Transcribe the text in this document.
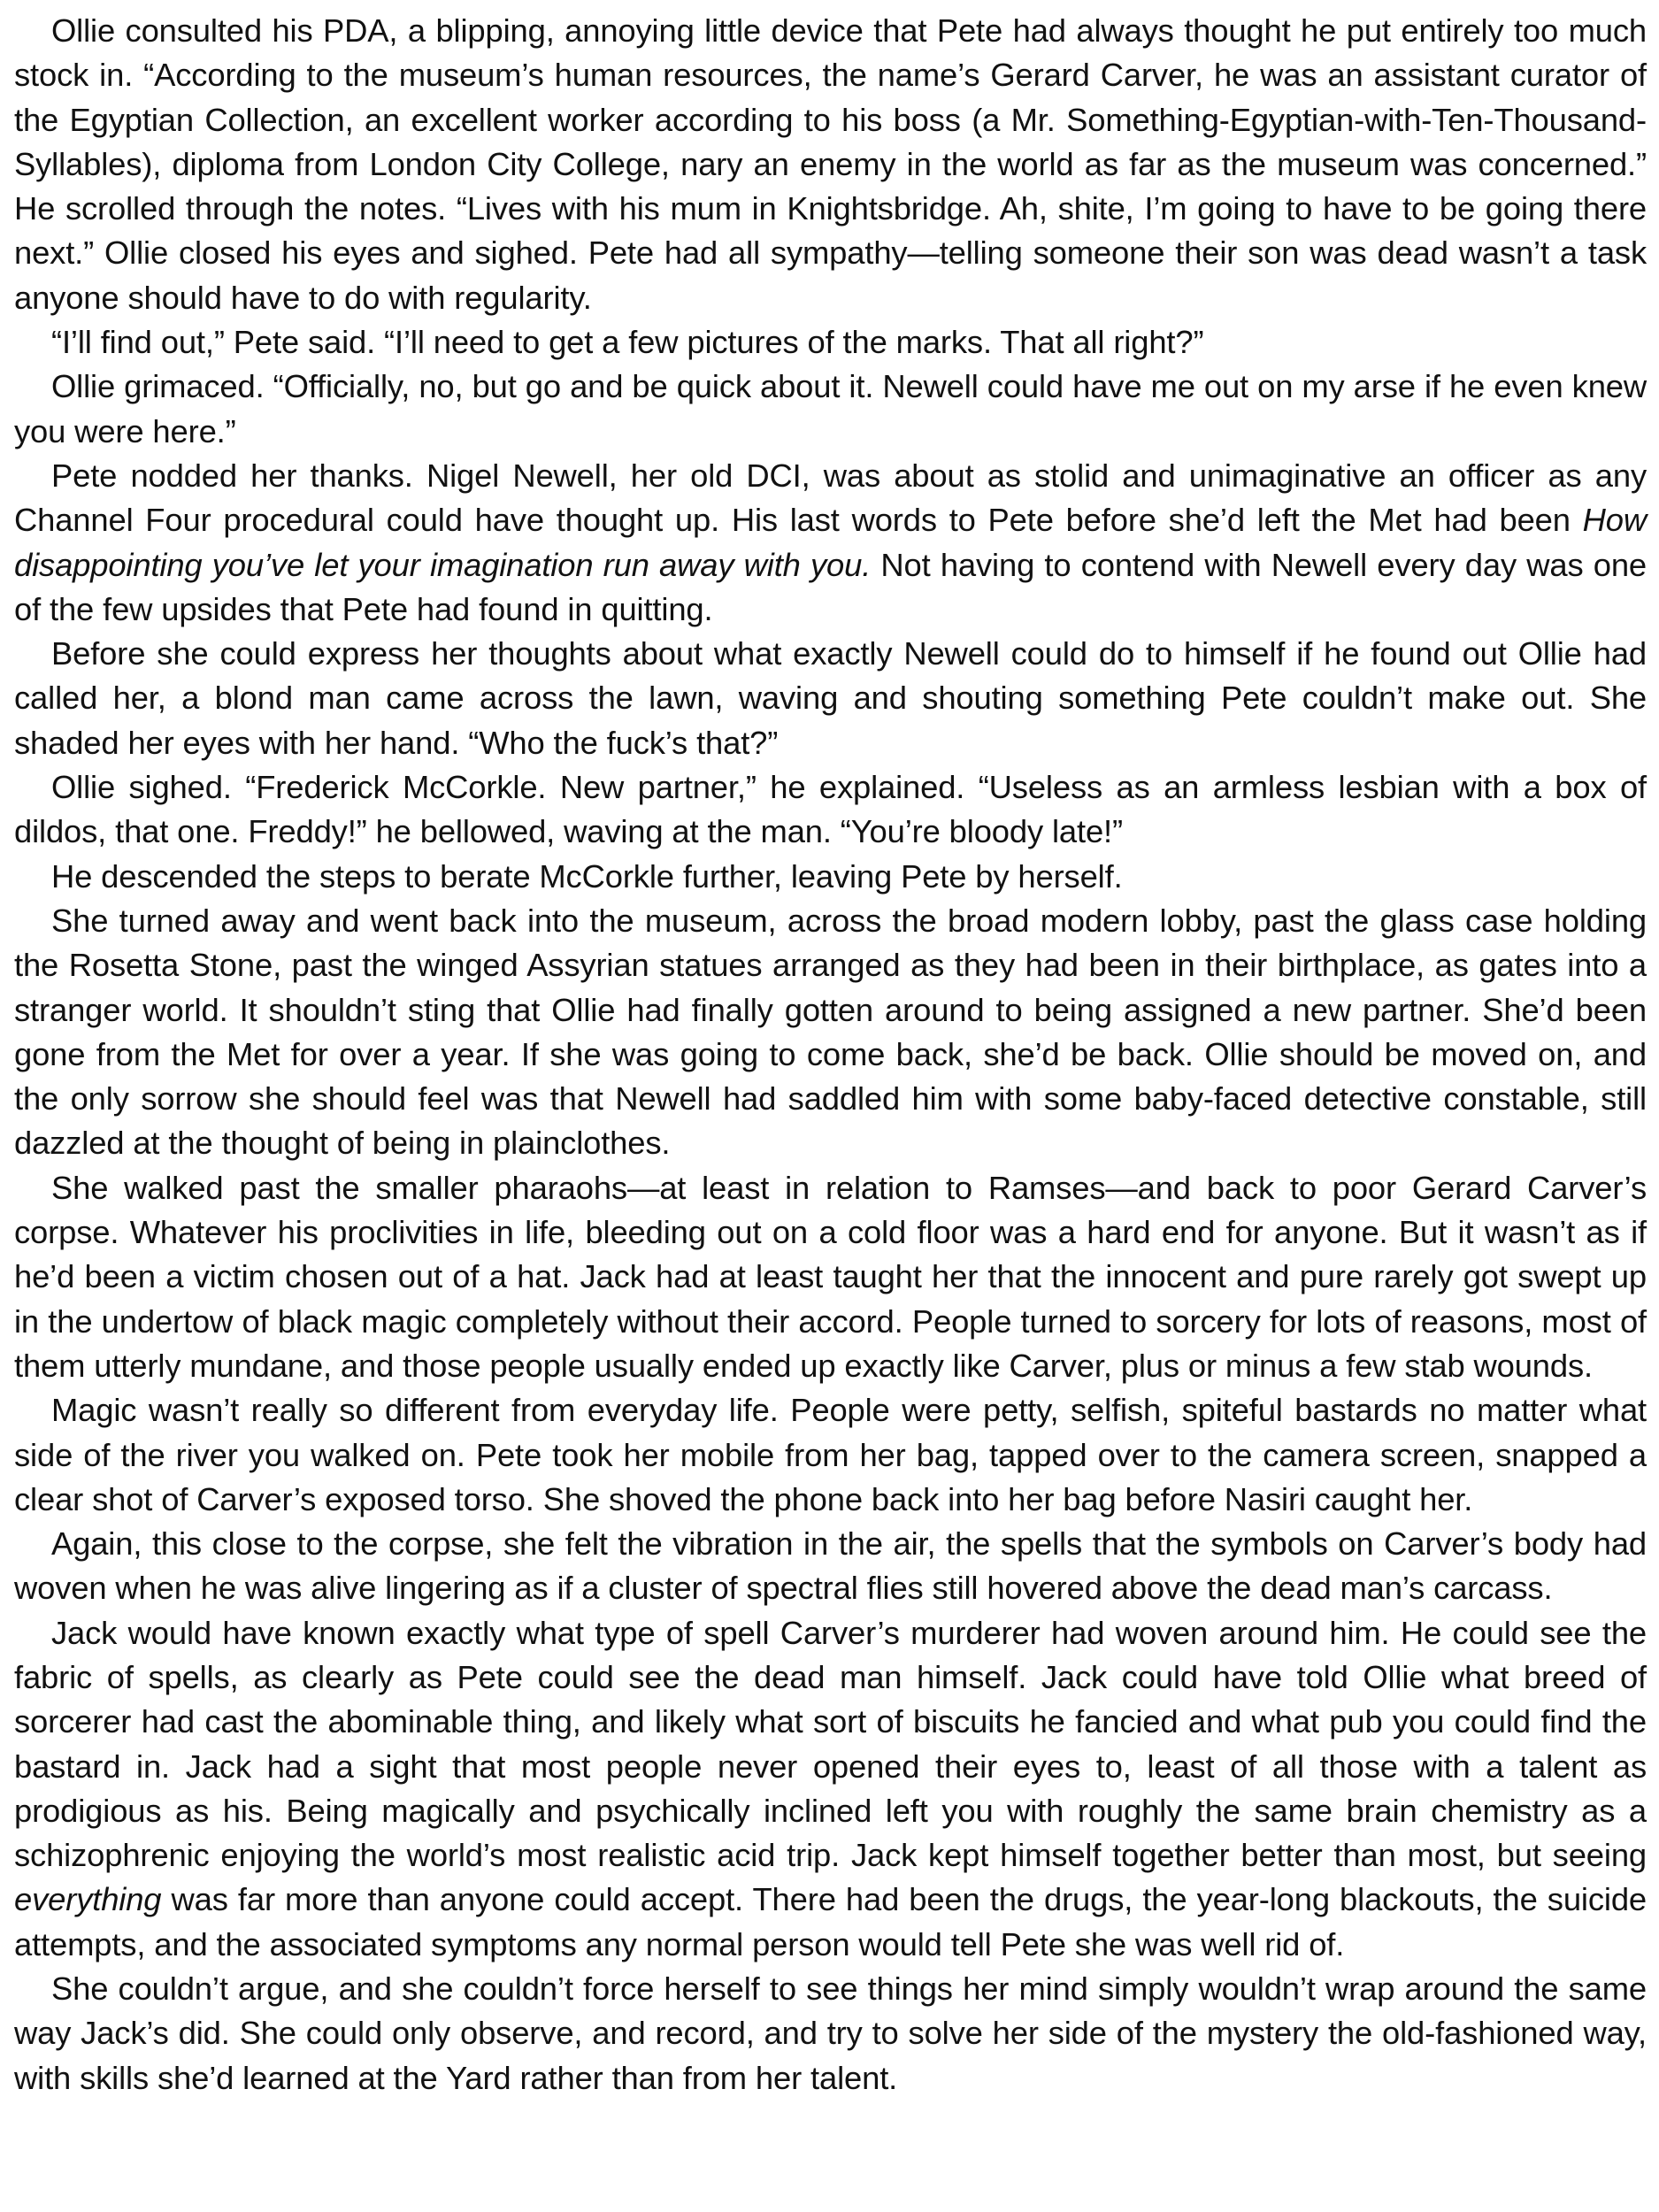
Ollie consulted his PDA, a blipping, annoying little device that Pete had always thought he put entirely too much stock in. “According to the museum’s human resources, the name’s Gerard Carver, he was an assistant curator of the Egyptian Collection, an excellent worker according to his boss (a Mr. Something-Egyptian-with-Ten-Thousand-Syllables), diploma from London City College, nary an enemy in the world as far as the museum was concerned.” He scrolled through the notes. “Lives with his mum in Knightsbridge. Ah, shite, I’m going to have to be going there next.” Ollie closed his eyes and sighed. Pete had all sympathy—telling someone their son was dead wasn’t a task anyone should have to do with regularity.

“I’ll find out,” Pete said. “I’ll need to get a few pictures of the marks. That all right?”

Ollie grimaced. “Officially, no, but go and be quick about it. Newell could have me out on my arse if he even knew you were here.”

Pete nodded her thanks. Nigel Newell, her old DCI, was about as stolid and unimaginative an officer as any Channel Four procedural could have thought up. His last words to Pete before she’d left the Met had been How disappointing you’ve let your imagination run away with you. Not having to contend with Newell every day was one of the few upsides that Pete had found in quitting.

Before she could express her thoughts about what exactly Newell could do to himself if he found out Ollie had called her, a blond man came across the lawn, waving and shouting something Pete couldn’t make out. She shaded her eyes with her hand. “Who the fuck’s that?”

Ollie sighed. “Frederick McCorkle. New partner,” he explained. “Useless as an armless lesbian with a box of dildos, that one. Freddy!” he bellowed, waving at the man. “You’re bloody late!”

He descended the steps to berate McCorkle further, leaving Pete by herself.

She turned away and went back into the museum, across the broad modern lobby, past the glass case holding the Rosetta Stone, past the winged Assyrian statues arranged as they had been in their birthplace, as gates into a stranger world. It shouldn’t sting that Ollie had finally gotten around to being assigned a new partner. She’d been gone from the Met for over a year. If she was going to come back, she’d be back. Ollie should be moved on, and the only sorrow she should feel was that Newell had saddled him with some baby-faced detective constable, still dazzled at the thought of being in plainclothes.

She walked past the smaller pharaohs—at least in relation to Ramses—and back to poor Gerard Carver’s corpse. Whatever his proclivities in life, bleeding out on a cold floor was a hard end for anyone. But it wasn’t as if he’d been a victim chosen out of a hat. Jack had at least taught her that the innocent and pure rarely got swept up in the undertow of black magic completely without their accord. People turned to sorcery for lots of reasons, most of them utterly mundane, and those people usually ended up exactly like Carver, plus or minus a few stab wounds.

Magic wasn’t really so different from everyday life. People were petty, selfish, spiteful bastards no matter what side of the river you walked on. Pete took her mobile from her bag, tapped over to the camera screen, snapped a clear shot of Carver’s exposed torso. She shoved the phone back into her bag before Nasiri caught her.

Again, this close to the corpse, she felt the vibration in the air, the spells that the symbols on Carver’s body had woven when he was alive lingering as if a cluster of spectral flies still hovered above the dead man’s carcass.

Jack would have known exactly what type of spell Carver’s murderer had woven around him. He could see the fabric of spells, as clearly as Pete could see the dead man himself. Jack could have told Ollie what breed of sorcerer had cast the abominable thing, and likely what sort of biscuits he fancied and what pub you could find the bastard in. Jack had a sight that most people never opened their eyes to, least of all those with a talent as prodigious as his. Being magically and psychically inclined left you with roughly the same brain chemistry as a schizophrenic enjoying the world’s most realistic acid trip. Jack kept himself together better than most, but seeing everything was far more than anyone could accept. There had been the drugs, the year-long blackouts, the suicide attempts, and the associated symptoms any normal person would tell Pete she was well rid of.

She couldn’t argue, and she couldn’t force herself to see things her mind simply wouldn’t wrap around the same way Jack’s did. She could only observe, and record, and try to solve her side of the mystery the old-fashioned way, with skills she’d learned at the Yard rather than from her talent.
